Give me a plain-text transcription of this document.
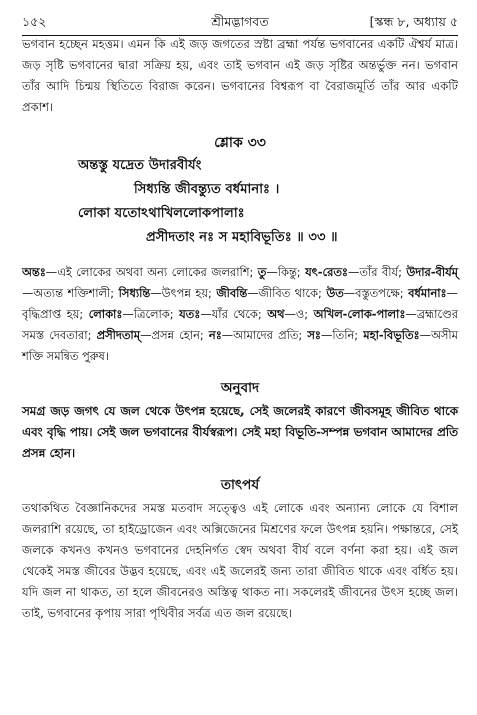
১৫২	শ্রীমদ্ভাগবত	[স্কন্ধ ৮, অধ্যায় ৫

ভগবান হচ্ছেন মহত্তম। এমন কি এই জড় জগতের স্রষ্টা ব্রহ্মা পর্যন্ত ভগবানের একটি ঐশ্বর্য মাত্র। জড় সৃষ্টি ভগবানের দ্বারা সক্রিয় হয়, এবং তাই ভগবান এই জড় সৃষ্টির অন্তর্ভুক্ত নন। ভগবান তাঁর আদি চিন্ময় স্থিতিতে বিরাজ করেন। ভগবানের বিশ্বরূপ বা বৈরাজমূর্তি তাঁর আর একটি প্রকাশ।

শ্লোক ৩৩
অন্তস্তু যদ্রেত উদারবীর্যং
সিধ্যন্তি জীবন্ত্যুত বর্ধমানাঃ ।
লোকা যতোঽথাখিললোকপালাঃ
প্রসীদতাং নঃ স মহাবিভূতিঃ ॥ ৩৩ ॥
অন্তঃ—এই লোকের অথবা অন্য লোকের জলরাশি; তু—কিন্তু; যৎ-রেতঃ—তাঁর বীর্য; উদার-বীর্যম্—অত্যন্ত শক্তিশালী; সিধ্যন্তি—উৎপন্ন হয়; জীবন্তি—জীবিত থাকে; উত—বস্তুতপক্ষে; বর্ধমানাঃ—বৃদ্ধিপ্রাপ্ত হয়; লোকাঃ—ত্রিলোক; যতঃ—যাঁর থেকে; অথ—ও; অখিল-লোক-পালাঃ—ব্রহ্মাণ্ডের সমস্ত দেবতারা; প্রসীদতাম্—প্রসন্ন হোন; নঃ—আমাদের প্রতি; সঃ—তিনি; মহা-বিভূতিঃ—অসীম শক্তি সমন্বিত পুরুষ।
অনুবাদ

সমগ্র জড় জগৎ যে জল থেকে উৎপন্ন হয়েছে, সেই জলেরই কারণে জীবসমূহ জীবিত থাকে এবং বৃদ্ধি পায়। সেই জল ভগবানের বীর্যস্বরূপ। সেই মহা বিভূতি-সম্পন্ন ভগবান আমাদের প্রতি প্রসন্ন হোন।

তাৎপর্য

তথাকথিত বৈজ্ঞানিকদের সমস্ত মতবাদ সত্ত্বেও এই লোকে এবং অন্যান্য লোকে যে বিশাল জলরাশি রয়েছে, তা হাইড্রোজেন এবং অক্সিজেনের মিশ্রণের ফলে উৎপন্ন হয়নি। পক্ষান্তরে, সেই জলকে কখনও কখনও ভগবানের দেহনির্গত স্বেদ অথবা বীর্য বলে বর্ণনা করা হয়। এই জল থেকেই সমস্ত জীবের উদ্ভব হয়েছে, এবং এই জলেরই জন্য তারা জীবিত থাকে এবং বর্ধিত হয়। যদি জল না থাকত, তা হলে জীবনেরও অস্তিত্ব থাকত না। সকলেরই জীবনের উৎস হচ্ছে জল। তাই, ভগবানের কৃপায় সারা পৃথিবীর সর্বত্র এত জল রয়েছে।
